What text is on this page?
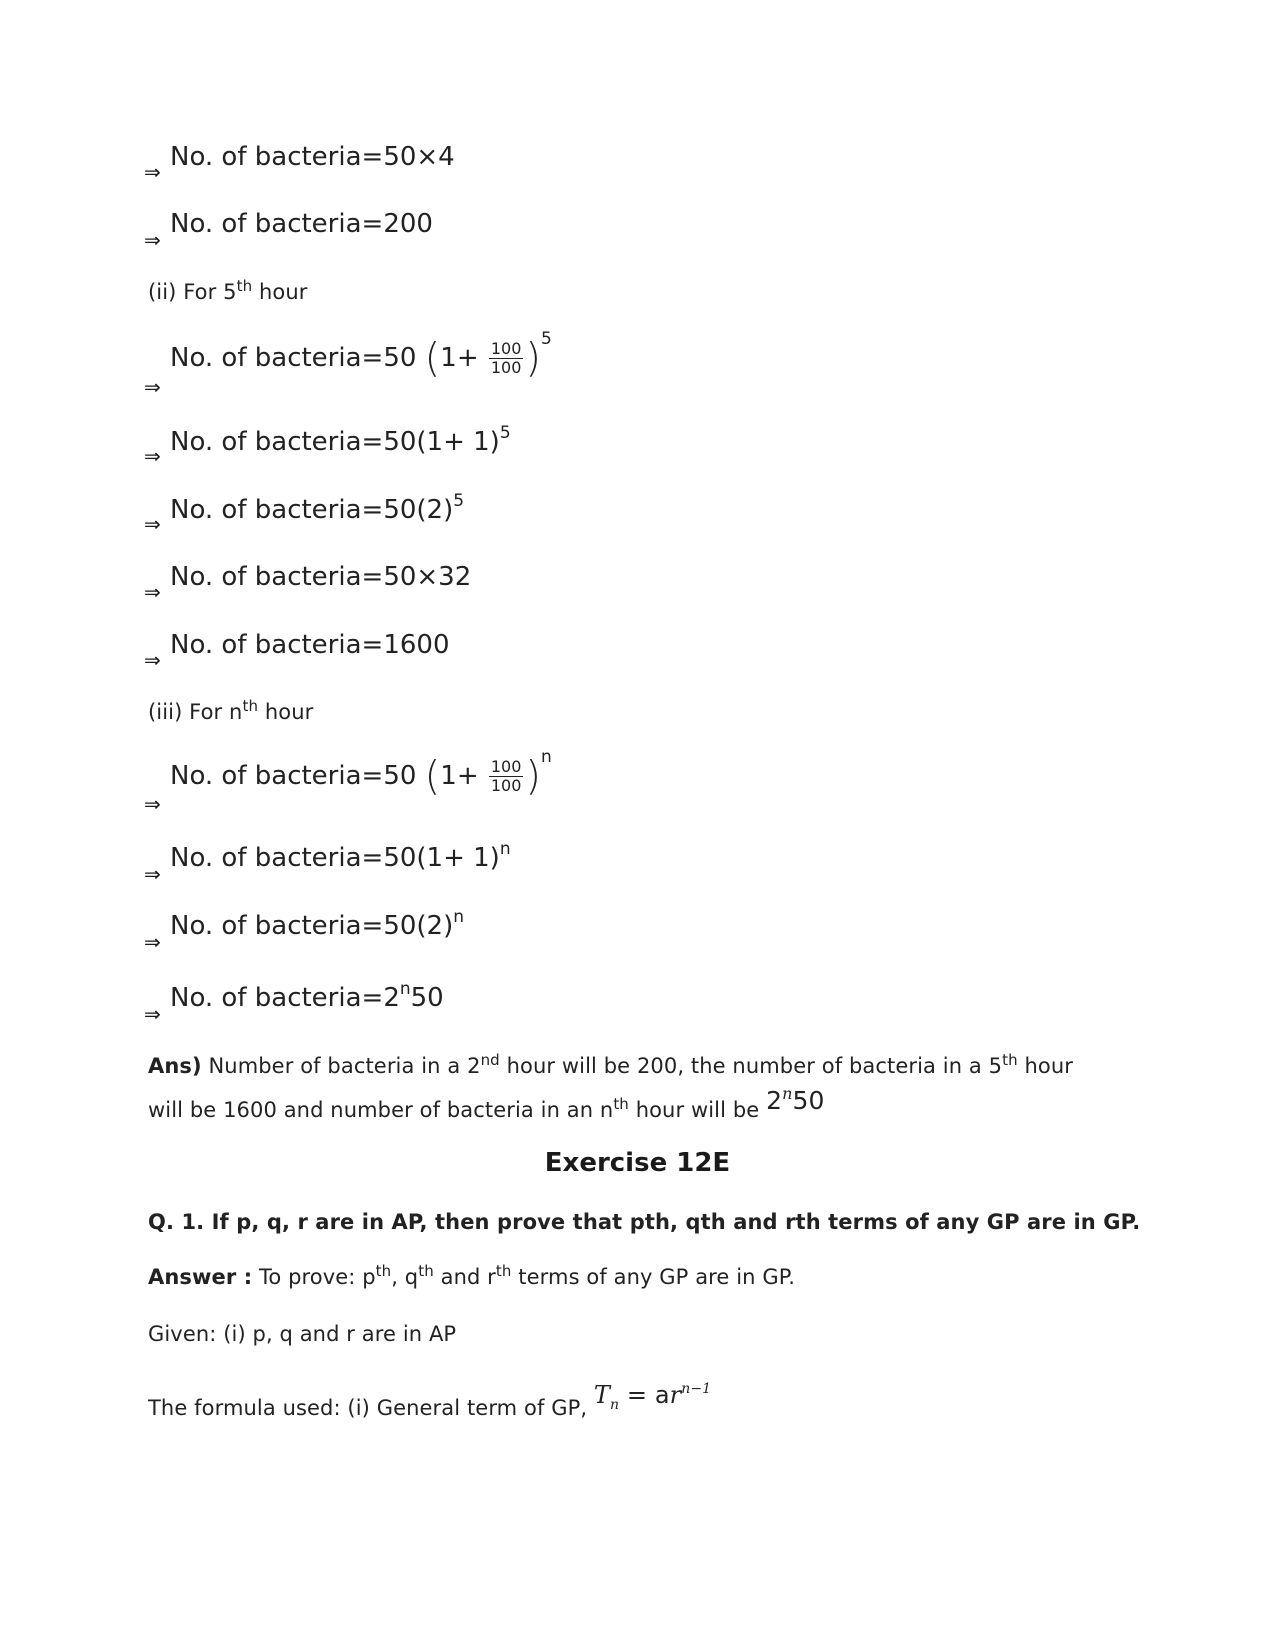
⇒ No. of bacteria=50×4
⇒
No. of bacteria=200
(ii) For 5th hour
⇒
No. of bacteria=50 $(1+ \frac{100}{100} )^5$
⇒ No. of bacteria=50(1+ 1)$^5$
⇒ No. of $bacteria=50(2)^5$
⇒ No. of bacteria=50×32
⇒ No. of bacteria=1600
(iii) For $n^{th}$ hour
⇒
No. of bacteria=50 $(1+ \frac{100}{100} )^n$
⇒
No. of bacteria=50(1+ 1)$^n$
⇒
No. of $bacteria=50(2)^n$
⇒
No. of $bacteria=2^n50$
Ans) Number of bacteria in a 2nd hour will be 200, the number of bacteria in a 5th hour
will be 1600 and number of bacteria in an $n^{th}$ hour will be 2$^n$50
Exercise 12E
Q. 1. If p, q, r are in AP, then prove that pth, qth and rth terms of any GP are in GP.
Answer : To prove: $p^{th}$, $q^{th}$ and $r^{th}$ terms of any GP are in GP.
Given: (i) p, q and r are in AP
The formula used: (i) General term of GP, $T_n = ar^{n-1}$
